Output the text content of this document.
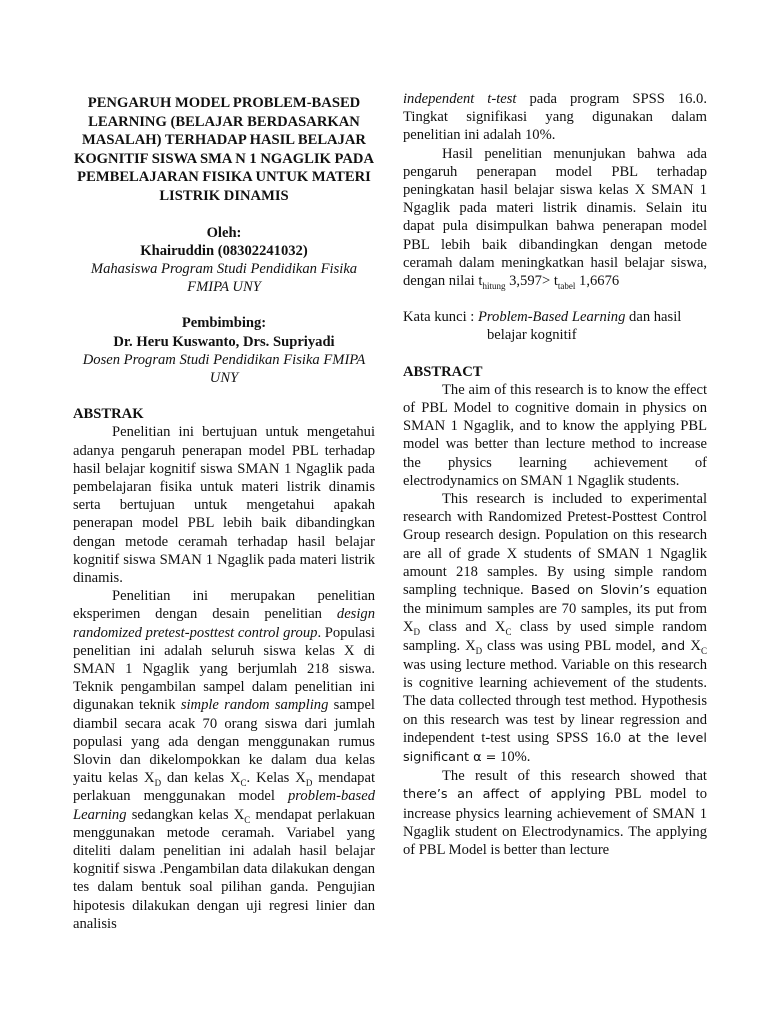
PENGARUH MODEL PROBLEM-BASED LEARNING (BELAJAR BERDASARKAN MASALAH) TERHADAP HASIL BELAJAR KOGNITIF SISWA SMA N 1 NGAGLIK PADA PEMBELAJARAN FISIKA UNTUK MATERI LISTRIK DINAMIS

Oleh:

Khairuddin (08302241032)

Mahasiswa Program Studi Pendidikan Fisika FMIPA UNY

Pembimbing:

Dr. Heru Kuswanto, Drs. Supriyadi

Dosen Program Studi Pendidikan Fisika FMIPA UNY

ABSTRAK

Penelitian ini bertujuan untuk mengetahui adanya pengaruh penerapan model PBL terhadap hasil belajar kognitif siswa SMAN 1 Ngaglik pada pembelajaran fisika untuk materi listrik dinamis serta bertujuan untuk mengetahui apakah penerapan model PBL lebih baik dibandingkan dengan metode ceramah terhadap hasil belajar kognitif siswa SMAN 1 Ngaglik pada materi listrik dinamis.

Penelitian ini merupakan penelitian eksperimen dengan desain penelitian design randomized pretest-posttest control group. Populasi penelitian ini adalah seluruh siswa kelas X di SMAN 1 Ngaglik yang berjumlah 218 siswa. Teknik pengambilan sampel dalam penelitian ini digunakan teknik simple random sampling sampel diambil secara acak 70 orang siswa dari jumlah populasi yang ada dengan menggunakan rumus Slovin dan dikelompokkan ke dalam dua kelas yaitu kelas $X_D$ dan kelas $X_C$. Kelas $X_D$ mendapat perlakuan menggunakan model problem-based Learning sedangkan kelas $X_C$ mendapat perlakuan menggunakan metode ceramah. Variabel yang diteliti dalam penelitian ini adalah hasil belajar kognitif siswa .Pengambilan data dilakukan dengan tes dalam bentuk soal pilihan ganda. Pengujian hipotesis dilakukan dengan uji regresi linier dan analisis

independent t-test pada program SPSS 16.0. Tingkat signifikasi yang digunakan dalam penelitian ini adalah 10%.

Hasil penelitian menunjukan bahwa ada pengaruh penerapan model PBL terhadap peningkatan hasil belajar siswa kelas X SMAN 1 Ngaglik pada materi listrik dinamis. Selain itu dapat pula disimpulkan bahwa penerapan model PBL lebih baik dibandingkan dengan metode ceramah dalam meningkatkan hasil belajar siswa, dengan nilai $t_{hitung}$ $3,597> t_{tabel}$ 1,6676

Kata kunci : Problem-Based Learning dan hasil

belajar kognitif

ABSTRACT

The aim of this research is to know the effect of PBL Model to cognitive domain in physics on SMAN 1 Ngaglik, and to know the applying PBL model was better than lecture method to increase the physics learning achievement of electrodynamics on SMAN 1 Ngaglik students.

This research is included to experimental research with Randomized Pretest-Posttest Control Group research design. Population on this research are all of grade X students of SMAN 1 Ngaglik amount 218 samples. By using simple random sampling technique. Based on Slovin’s equation the minimum samples are 70 samples, its put from $X_D$ class and $X_C$ class by used simple random sampling. $X_D$ class was using PBL model, and $X_C$ was using lecture method. Variable on this research is cognitive learning achievement of the students. The data collected through test method. Hypothesis on this research was test by linear regression and independent t-test using SPSS 16.0 at the level significant α = 10%.

The result of this research showed that there’s an affect of applying PBL model to increase physics learning achievement of SMAN 1 Ngaglik student on Electrodynamics. The applying of PBL Model is better than lecture
